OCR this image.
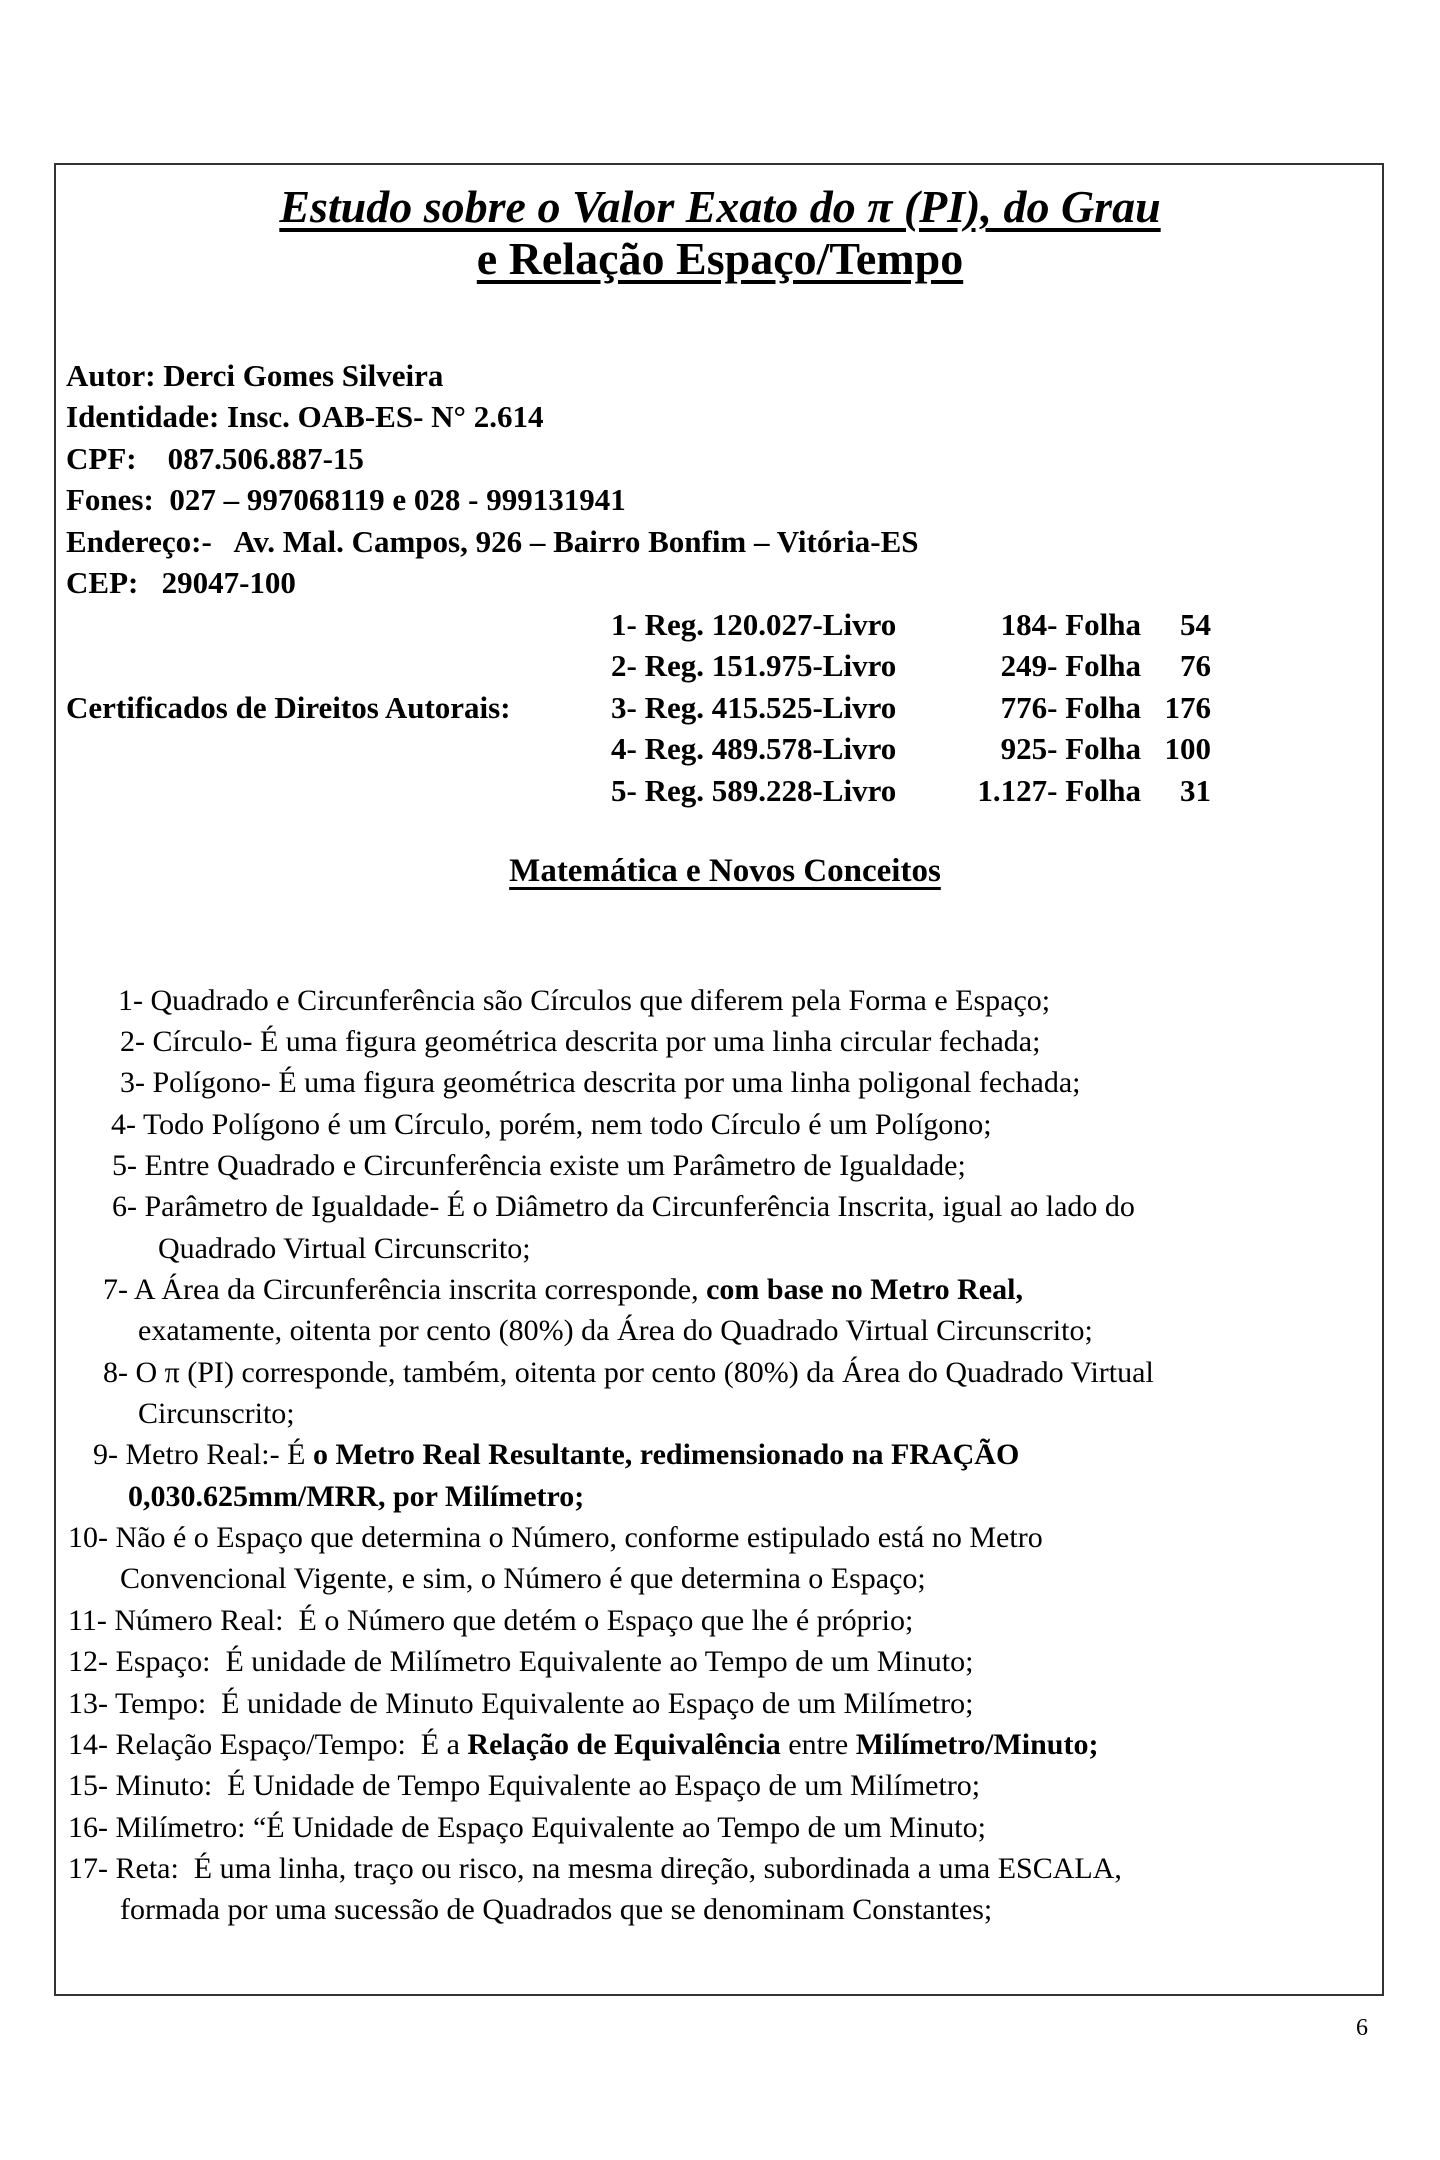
Estudo sobre o Valor Exato do π (PI), do Grau
e Relação Espaço/Tempo
Autor: Derci Gomes Silveira
Identidade: Insc. OAB-ES- N° 2.614
CPF:    087.506.887-15
Fones:  027 – 997068119 e 028 - 999131941
Endereço:-   Av. Mal. Campos, 926 – Bairro Bonfim – Vitória-ES
CEP:   29047-100
Certificados de Direitos Autorais:
1- Reg. 120.027-Livro	184- Folha 54
2- Reg. 151.975-Livro	249- Folha 76
3- Reg. 415.525-Livro	776- Folha 176
4- Reg. 489.578-Livro	925- Folha 100
5- Reg. 589.228-Livro	1.127- Folha 31
Matemática e Novos Conceitos
1- Quadrado e Circunferência são Círculos que diferem pela Forma e Espaço;
2- Círculo- É uma figura geométrica descrita por uma linha circular fechada;
3- Polígono- É uma figura geométrica descrita por uma linha poligonal fechada;
4- Todo Polígono é um Círculo, porém, nem todo Círculo é um Polígono;
5- Entre Quadrado e Circunferência existe um Parâmetro de Igualdade;
6- Parâmetro de Igualdade- É o Diâmetro da Circunferência Inscrita, igual ao lado do
Quadrado Virtual Circunscrito;
7- A Área da Circunferência inscrita corresponde, com base no Metro Real,
exatamente, oitenta por cento (80%) da Área do Quadrado Virtual Circunscrito;
8- O π (PI) corresponde, também, oitenta por cento (80%) da Área do Quadrado Virtual
Circunscrito;
9- Metro Real:- É o Metro Real Resultante, redimensionado na FRAÇÃO
0,030.625mm/MRR, por Milímetro;
10- Não é o Espaço que determina o Número, conforme estipulado está no Metro
Convencional Vigente, e sim, o Número é que determina o Espaço;
11- Número Real:  É o Número que detém o Espaço que lhe é próprio;
12- Espaço:  É unidade de Milímetro Equivalente ao Tempo de um Minuto;
13- Tempo:  É unidade de Minuto Equivalente ao Espaço de um Milímetro;
14- Relação Espaço/Tempo:  É a Relação de Equivalência entre Milímetro/Minuto;
15- Minuto:  É Unidade de Tempo Equivalente ao Espaço de um Milímetro;
16- Milímetro: “É Unidade de Espaço Equivalente ao Tempo de um Minuto;
17- Reta:  É uma linha, traço ou risco, na mesma direção, subordinada a uma ESCALA,
formada por uma sucessão de Quadrados que se denominam Constantes;
6
